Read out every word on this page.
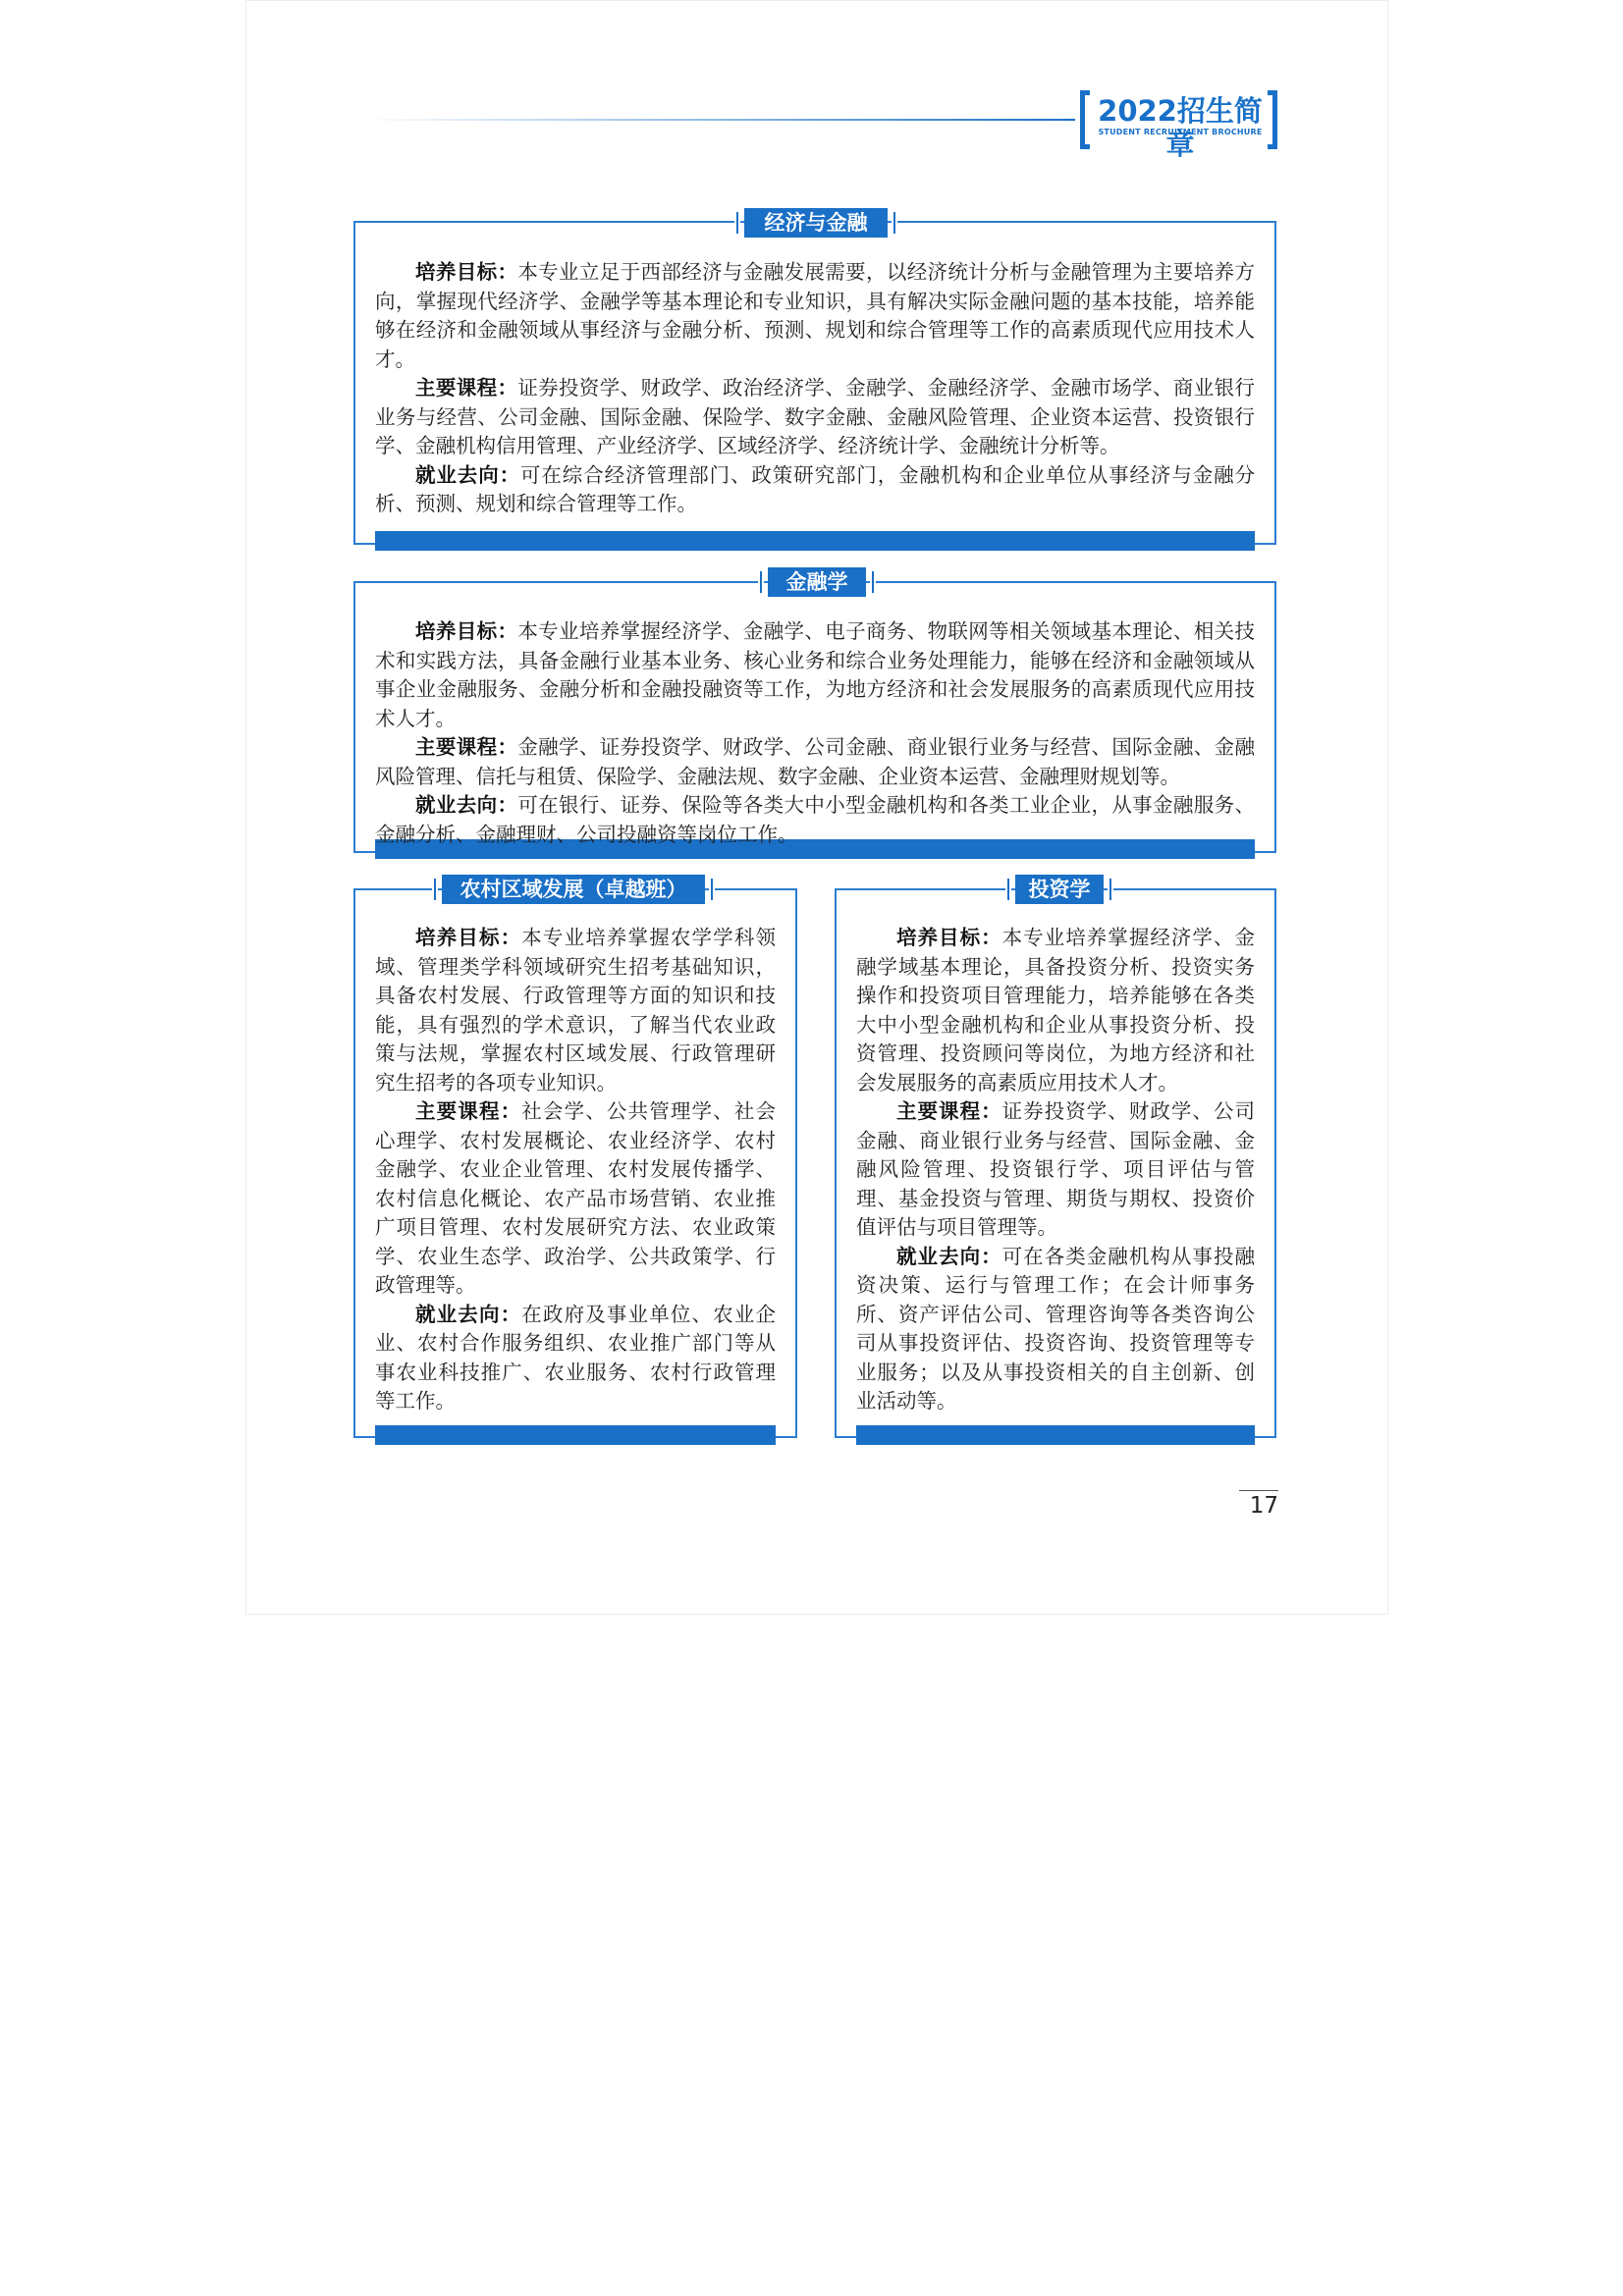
2022招生简章
STUDENT RECRUITMENT BROCHURE
经济与金融

培养目标：本专业立足于西部经济与金融发展需要，以经济统计分析与金融管理为主要培养方向，掌握现代经济学、金融学等基本理论和专业知识，具有解决实际金融问题的基本技能，培养能够在经济和金融领域从事经济与金融分析、预测、规划和综合管理等工作的高素质现代应用技术人才。

主要课程：证券投资学、财政学、政治经济学、金融学、金融经济学、金融市场学、商业银行业务与经营、公司金融、国际金融、保险学、数字金融、金融风险管理、企业资本运营、投资银行学、金融机构信用管理、产业经济学、区域经济学、经济统计学、金融统计分析等。

就业去向：可在综合经济管理部门、政策研究部门，金融机构和企业单位从事经济与金融分析、预测、规划和综合管理等工作。

金融学

培养目标：本专业培养掌握经济学、金融学、电子商务、物联网等相关领域基本理论、相关技术和实践方法，具备金融行业基本业务、核心业务和综合业务处理能力，能够在经济和金融领域从事企业金融服务、金融分析和金融投融资等工作，为地方经济和社会发展服务的高素质现代应用技术人才。

主要课程：金融学、证券投资学、财政学、公司金融、商业银行业务与经营、国际金融、金融风险管理、信托与租赁、保险学、金融法规、数字金融、企业资本运营、金融理财规划等。

就业去向：可在银行、证券、保险等各类大中小型金融机构和各类工业企业，从事金融服务、金融分析、金融理财、公司投融资等岗位工作。

农村区域发展（卓越班）

培养目标：本专业培养掌握农学学科领域、管理类学科领域研究生招考基础知识，具备农村发展、行政管理等方面的知识和技能，具有强烈的学术意识，了解当代农业政策与法规，掌握农村区域发展、行政管理研究生招考的各项专业知识。

主要课程：社会学、公共管理学、社会心理学、农村发展概论、农业经济学、农村金融学、农业企业管理、农村发展传播学、农村信息化概论、农产品市场营销、农业推广项目管理、农村发展研究方法、农业政策学、农业生态学、政治学、公共政策学、行政管理等。

就业去向：在政府及事业单位、农业企业、农村合作服务组织、农业推广部门等从事农业科技推广、农业服务、农村行政管理等工作。

投资学

培养目标：本专业培养掌握经济学、金融学域基本理论，具备投资分析、投资实务操作和投资项目管理能力，培养能够在各类大中小型金融机构和企业从事投资分析、投资管理、投资顾问等岗位，为地方经济和社会发展服务的高素质应用技术人才。

主要课程：证券投资学、财政学、公司金融、商业银行业务与经营、国际金融、金融风险管理、投资银行学、项目评估与管理、基金投资与管理、期货与期权、投资价值评估与项目管理等。

就业去向：可在各类金融机构从事投融资决策、运行与管理工作；在会计师事务所、资产评估公司、管理咨询等各类咨询公司从事投资评估、投资咨询、投资管理等专业服务；以及从事投资相关的自主创新、创业活动等。

17
